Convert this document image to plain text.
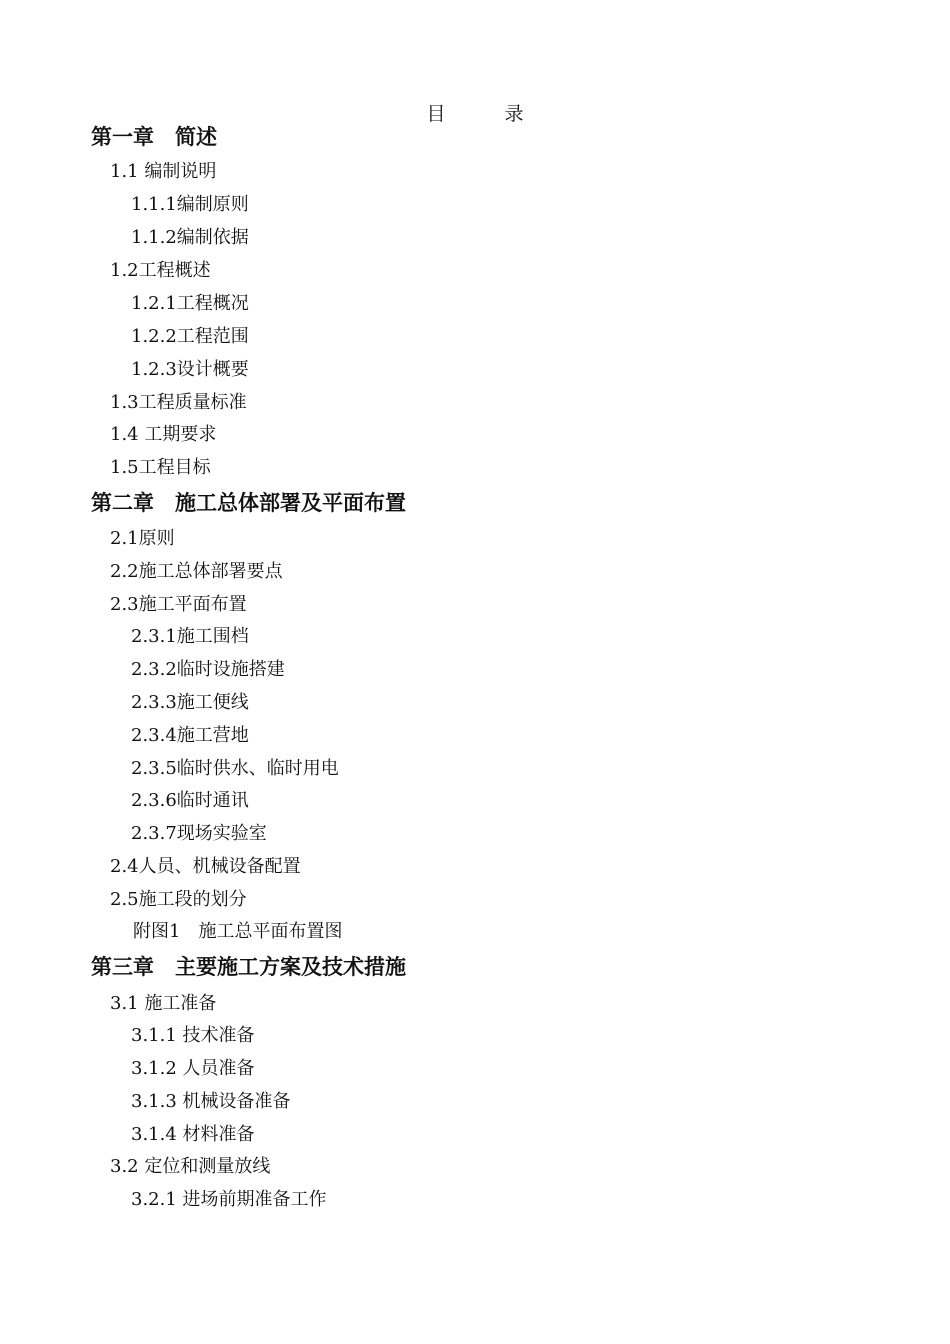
目　录
第一章　简述
1.1 编制说明
1.1.1编制原则
1.1.2编制依据
1.2工程概述
1.2.1工程概况
1.2.2工程范围
1.2.3设计概要
1.3工程质量标准
1.4 工期要求
1.5工程目标
第二章　施工总体部署及平面布置
2.1原则
2.2施工总体部署要点
2.3施工平面布置
2.3.1施工围档
2.3.2临时设施搭建
2.3.3施工便线
2.3.4施工营地
2.3.5临时供水、临时用电
2.3.6临时通讯
2.3.7现场实验室
2.4人员、机械设备配置
2.5施工段的划分
附图1　施工总平面布置图
第三章　主要施工方案及技术措施
3.1 施工准备
3.1.1 技术准备
3.1.2 人员准备
3.1.3 机械设备准备
3.1.4 材料准备
3.2 定位和测量放线
3.2.1 进场前期准备工作
